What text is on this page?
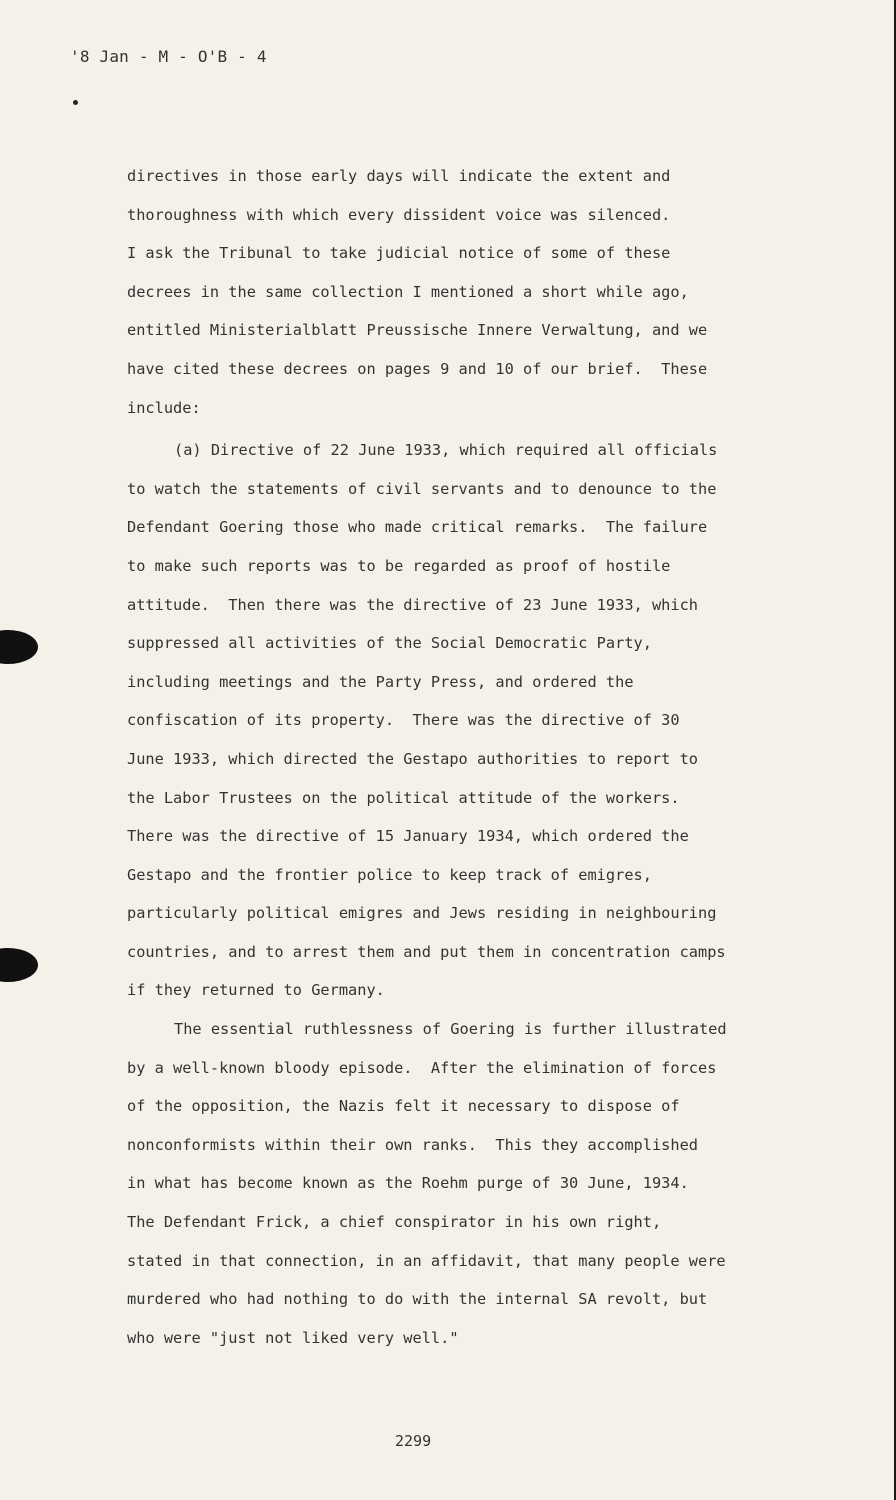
'8 Jan - M - O'B - 4
directives in those early days will indicate the extent and
thoroughness with which every dissident voice was silenced.
I ask the Tribunal to take judicial notice of some of these
decrees in the same collection I mentioned a short while ago,
entitled Ministerialblatt Preussische Innere Verwaltung, and we
have cited these decrees on pages 9 and 10 of our brief.  These
include:
(a) Directive of 22 June 1933, which required all officials
to watch the statements of civil servants and to denounce to the
Defendant Goering those who made critical remarks.  The failure
to make such reports was to be regarded as proof of hostile
attitude.  Then there was the directive of 23 June 1933, which
suppressed all activities of the Social Democratic Party,
including meetings and the Party Press, and ordered the
confiscation of its property.  There was the directive of 30
June 1933, which directed the Gestapo authorities to report to
the Labor Trustees on the political attitude of the workers.
There was the directive of 15 January 1934, which ordered the
Gestapo and the frontier police to keep track of emigres,
particularly political emigres and Jews residing in neighbouring
countries, and to arrest them and put them in concentration camps
if they returned to Germany.
The essential ruthlessness of Goering is further illustrated
by a well-known bloody episode.  After the elimination of forces
of the opposition, the Nazis felt it necessary to dispose of
nonconformists within their own ranks.  This they accomplished
in what has become known as the Roehm purge of 30 June, 1934.
The Defendant Frick, a chief conspirator in his own right,
stated in that connection, in an affidavit, that many people were
murdered who had nothing to do with the internal SA revolt, but
who were "just not liked very well."
2299
